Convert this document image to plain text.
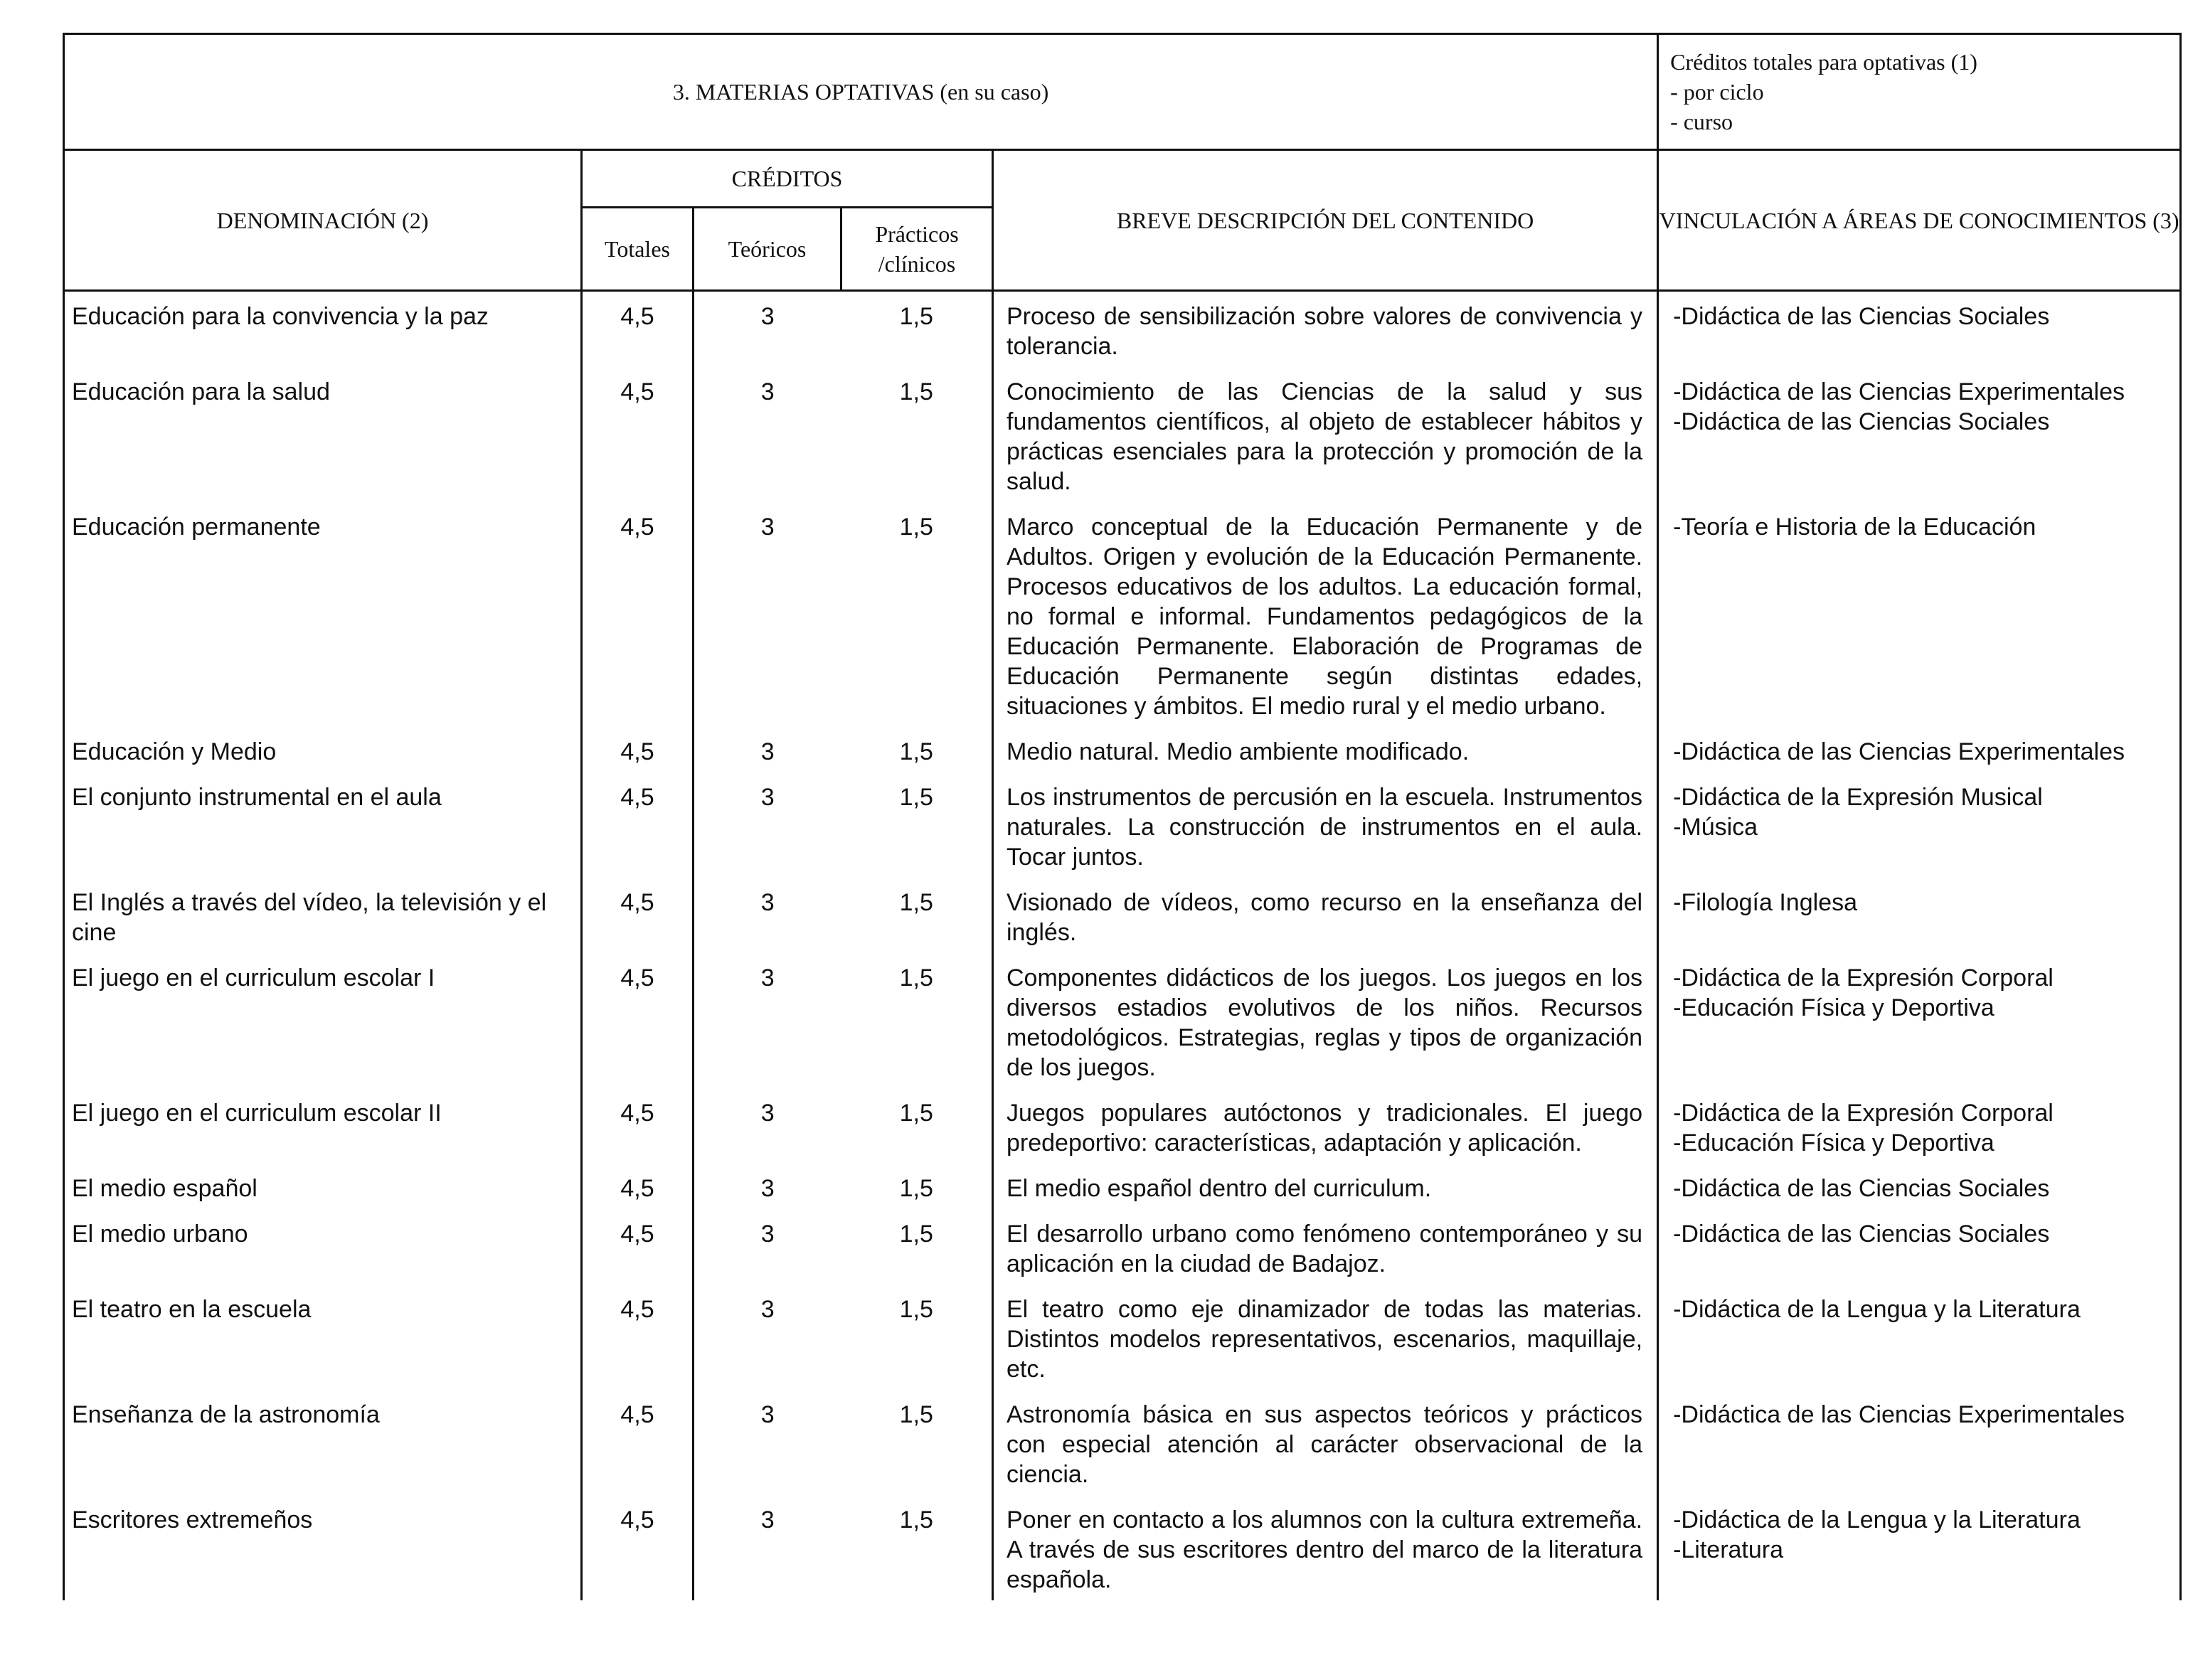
3. MATERIAS OPTATIVAS (en su caso)					Créditos totales para optativas (1)
- por ciclo
- curso

DENOMINACIÓN (2)	CRÉDITOS			BREVE DESCRIPCIÓN DEL CONTENIDO	VINCULACIÓN A ÁREAS DE CONOCIMIENTOS (3)
	Totales	Teóricos	Prácticos /clínicos		
Educación para la convivencia y la paz	4,5	3	1,5	Proceso de sensibilización sobre valores de convivencia y tolerancia.	-Didáctica de las Ciencias Sociales

Educación para la salud	4,5	3	1,5	Conocimiento de las Ciencias de la salud y sus fundamentos científicos, al objeto de establecer hábitos y prácticas esenciales para la protección y promoción de la salud.	-Didáctica de las Ciencias Experimentales
-Didáctica de las Ciencias Sociales

Educación permanente	4,5	3	1,5	Marco conceptual de la Educación Permanente y de Adultos. Origen y evolución de la Educación Permanente. Procesos educativos de los adultos. La educación formal, no formal e informal. Fundamentos pedagógicos de la Educación Permanente. Elaboración de Programas de Educación Permanente según distintas edades, situaciones y ámbitos. El medio rural y el medio urbano.	-Teoría e Historia de la Educación

Educación y Medio	4,5	3	1,5	Medio natural. Medio ambiente modificado.	-Didáctica de las Ciencias Experimentales

El conjunto instrumental en el aula	4,5	3	1,5	Los instrumentos de percusión en la escuela. Instrumentos naturales. La construcción de instrumentos en el aula. Tocar juntos.	-Didáctica de la Expresión Musical
-Música

El Inglés a través del vídeo, la televisión y el cine	4,5	3	1,5	Visionado de vídeos, como recurso en la enseñanza del inglés.	-Filología Inglesa

El juego en el curriculum escolar I	4,5	3	1,5	Componentes didácticos de los juegos. Los juegos en los diversos estadios evolutivos de los niños. Recursos metodológicos. Estrategias, reglas y tipos de organización de los juegos.	-Didáctica de la Expresión Corporal
-Educación Física y Deportiva

El juego en el curriculum escolar II	4,5	3	1,5	Juegos populares autóctonos y tradicionales. El juego predeportivo: características, adaptación y aplicación.	-Didáctica de la Expresión Corporal
-Educación Física y Deportiva

El medio español	4,5	3	1,5	El medio español dentro del curriculum.	-Didáctica de las Ciencias Sociales

El medio urbano	4,5	3	1,5	El desarrollo urbano como fenómeno contemporáneo y su aplicación en la ciudad de Badajoz.	-Didáctica de las Ciencias Sociales

El teatro en la escuela	4,5	3	1,5	El teatro como eje dinamizador de todas las materias. Distintos modelos representativos, escenarios, maquillaje, etc.	-Didáctica de la Lengua y la Literatura

Enseñanza de la astronomía	4,5	3	1,5	Astronomía básica en sus aspectos teóricos y prácticos con especial atención al carácter observacional de la ciencia.	-Didáctica de las Ciencias Experimentales

Escritores extremeños	4,5	3	1,5	Poner en contacto a los alumnos con la cultura extremeña. A través de sus escritores dentro del marco de la literatura española.	-Didáctica de la Lengua y la Literatura
-Literatura
